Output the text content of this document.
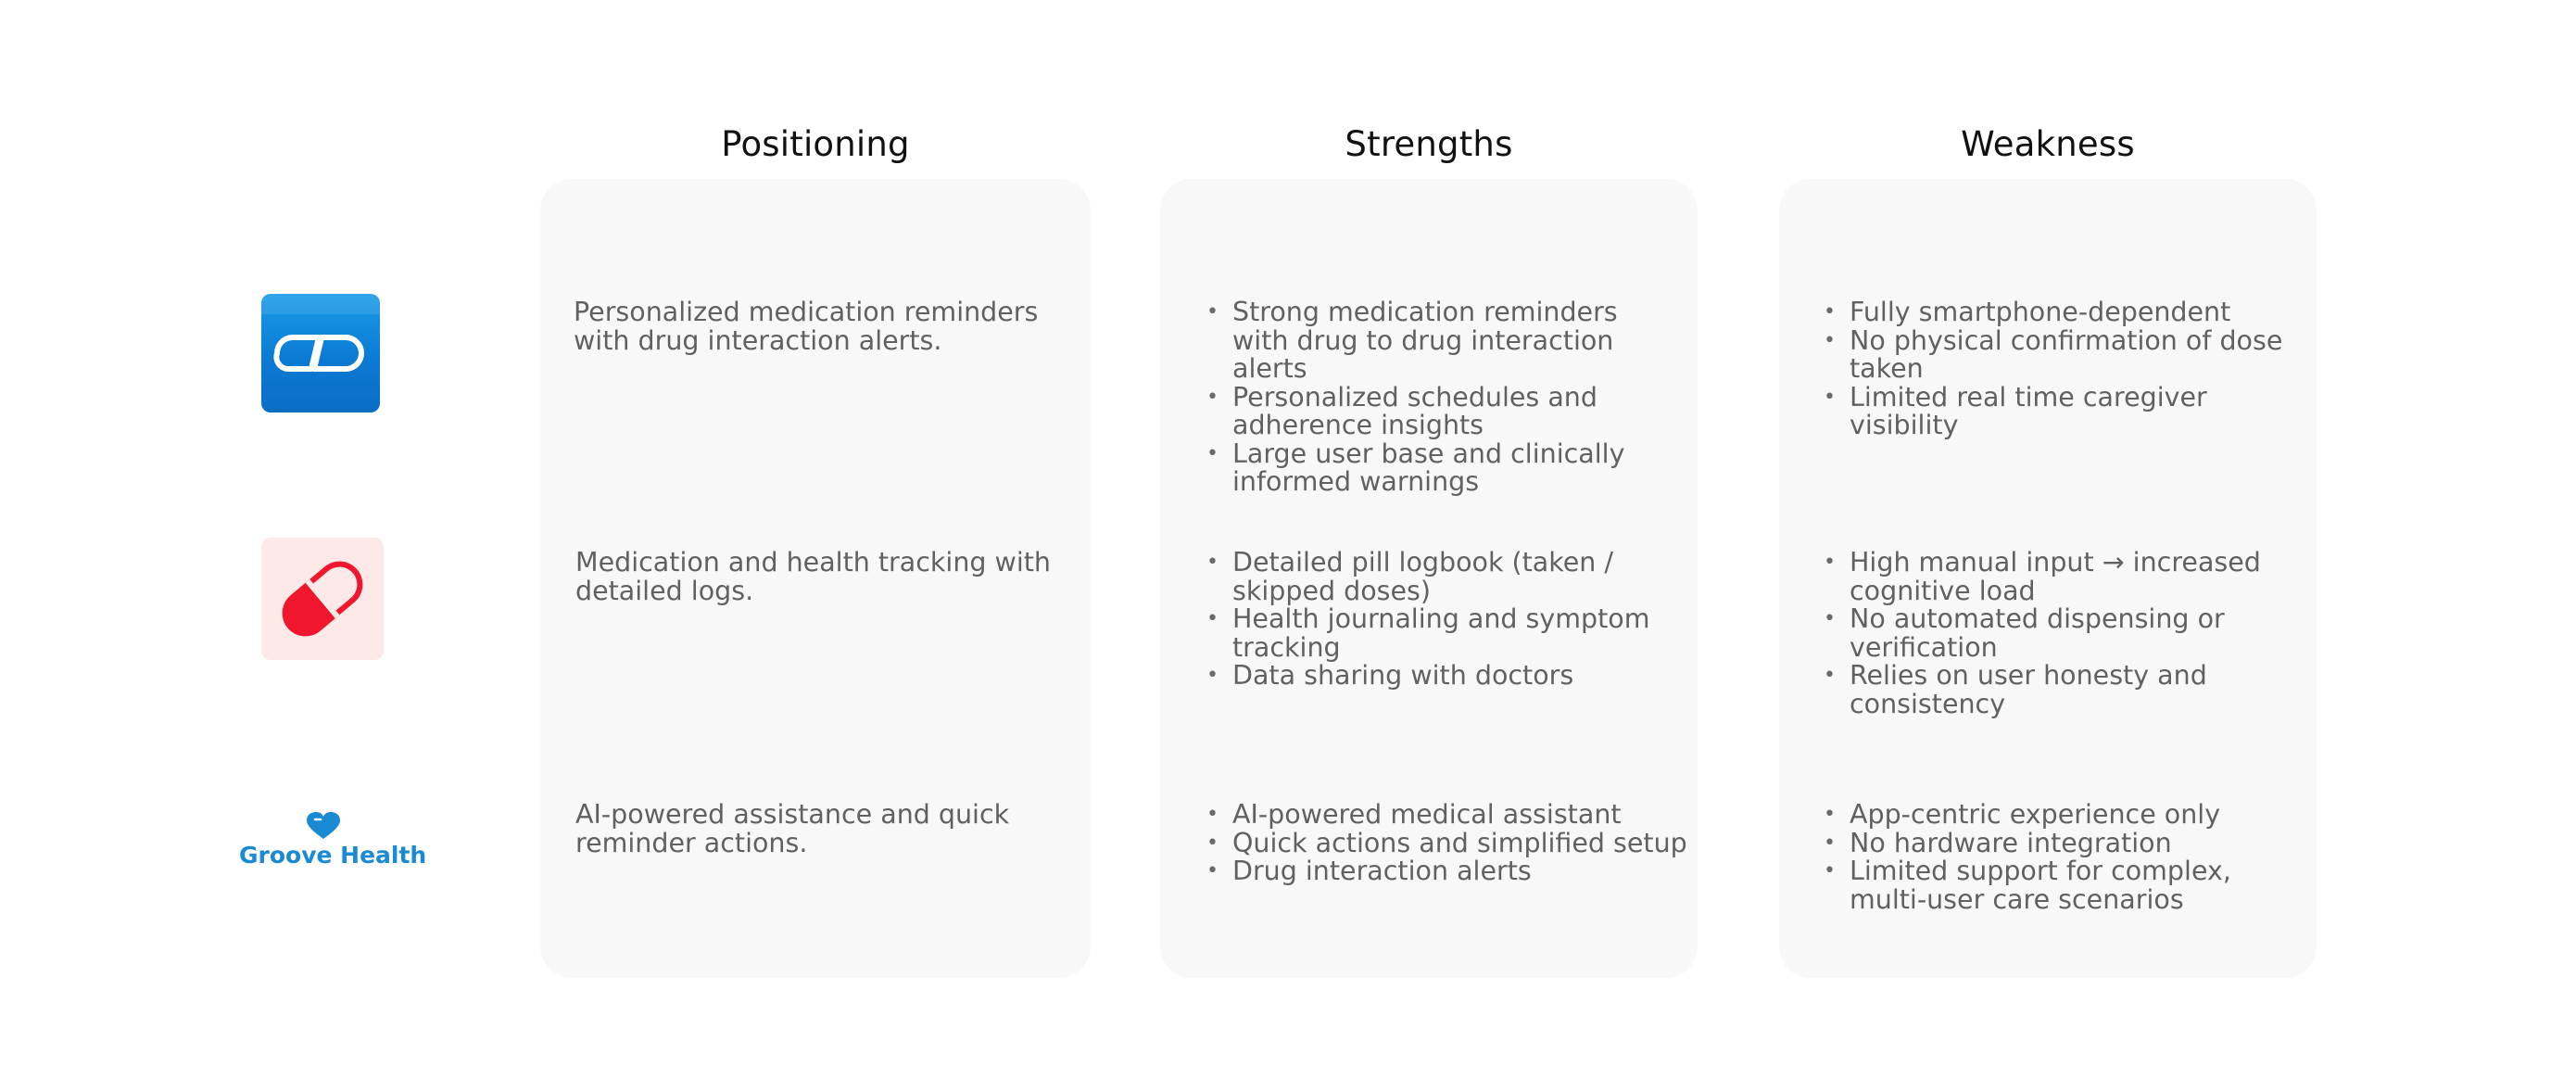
Positioning	Strengths	Weakness
Groove Health

Personalized medication reminders with drug interaction alerts.

• Strong medication reminders with drug to drug interaction alerts
• Personalized schedules and adherence insights
• Large user base and clinically informed warnings
• Fully smartphone-dependent
• No physical confirmation of dose taken
• Limited real time caregiver visibility

Medication and health tracking with detailed logs.

• Detailed pill logbook (taken / skipped doses)
• Health journaling and symptom tracking
• Data sharing with doctors
• High manual input → increased cognitive load
• No automated dispensing or verification
• Relies on user honesty and consistency

AI-powered assistance and quick reminder actions.

• AI-powered medical assistant
• Quick actions and simplified setup
• Drug interaction alerts
• App-centric experience only
• No hardware integration
• Limited support for complex, multi-user care scenarios
